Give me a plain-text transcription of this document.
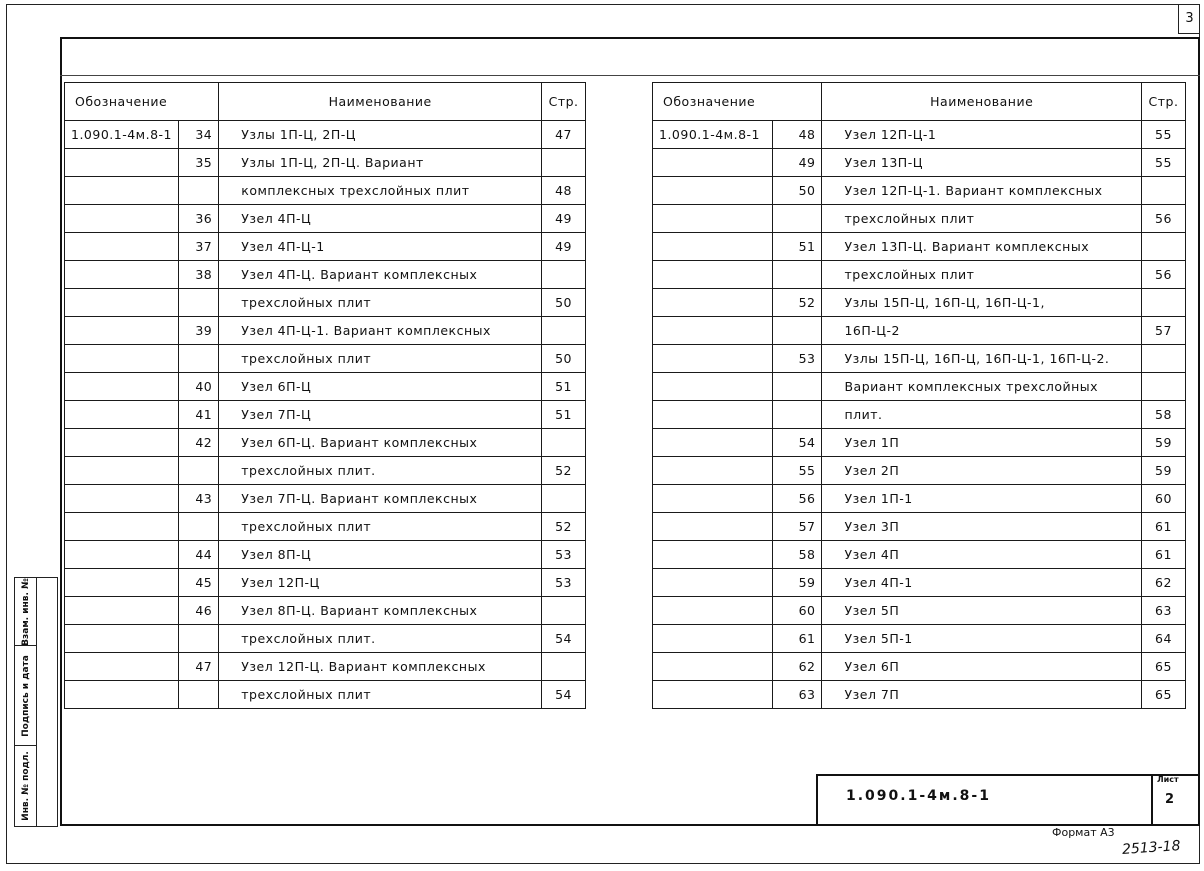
3
Обозначение		Наименование	Стр.
1.090.1-4м.8-1	34	Узлы 1П-Ц, 2П-Ц	47
	35	Узлы 1П-Ц, 2П-Ц. Вариант	
		комплексных трехслойных плит	48
	36	Узел 4П-Ц	49
	37	Узел 4П-Ц-1	49
	38	Узел 4П-Ц. Вариант комплексных	
		трехслойных плит	50
	39	Узел 4П-Ц-1. Вариант комплексных	
		трехслойных плит	50
	40	Узел 6П-Ц	51
	41	Узел 7П-Ц	51
	42	Узел 6П-Ц. Вариант комплексных	
		трехслойных плит.	52
	43	Узел 7П-Ц. Вариант комплексных	
		трехслойных плит	52
	44	Узел 8П-Ц	53
	45	Узел 12П-Ц	53
	46	Узел 8П-Ц. Вариант комплексных	
		трехслойных плит.	54
	47	Узел 12П-Ц. Вариант комплексных	
		трехслойных плит	54
Обозначение		Наименование	Стр.
1.090.1-4м.8-1	48	Узел 12П-Ц-1	55
	49	Узел 13П-Ц	55
	50	Узел 12П-Ц-1. Вариант комплексных	
		трехслойных плит	56
	51	Узел 13П-Ц. Вариант комплексных	
		трехслойных плит	56
	52	Узлы 15П-Ц, 16П-Ц, 16П-Ц-1,	
		16П-Ц-2	57
	53	Узлы 15П-Ц, 16П-Ц, 16П-Ц-1, 16П-Ц-2.	
		Вариант комплексных трехслойных	
		плит.	58
	54	Узел 1П	59
	55	Узел 2П	59
	56	Узел 1П-1	60
	57	Узел 3П	61
	58	Узел 4П	61
	59	Узел 4П-1	62
	60	Узел 5П	63
	61	Узел 5П-1	64
	62	Узел 6П	65
	63	Узел 7П	65
Взам. инв. №
Подпись и дата
Инв. № подл.	1.090.1-4м.8-1
Лист
2
Формат А3
2513-18
